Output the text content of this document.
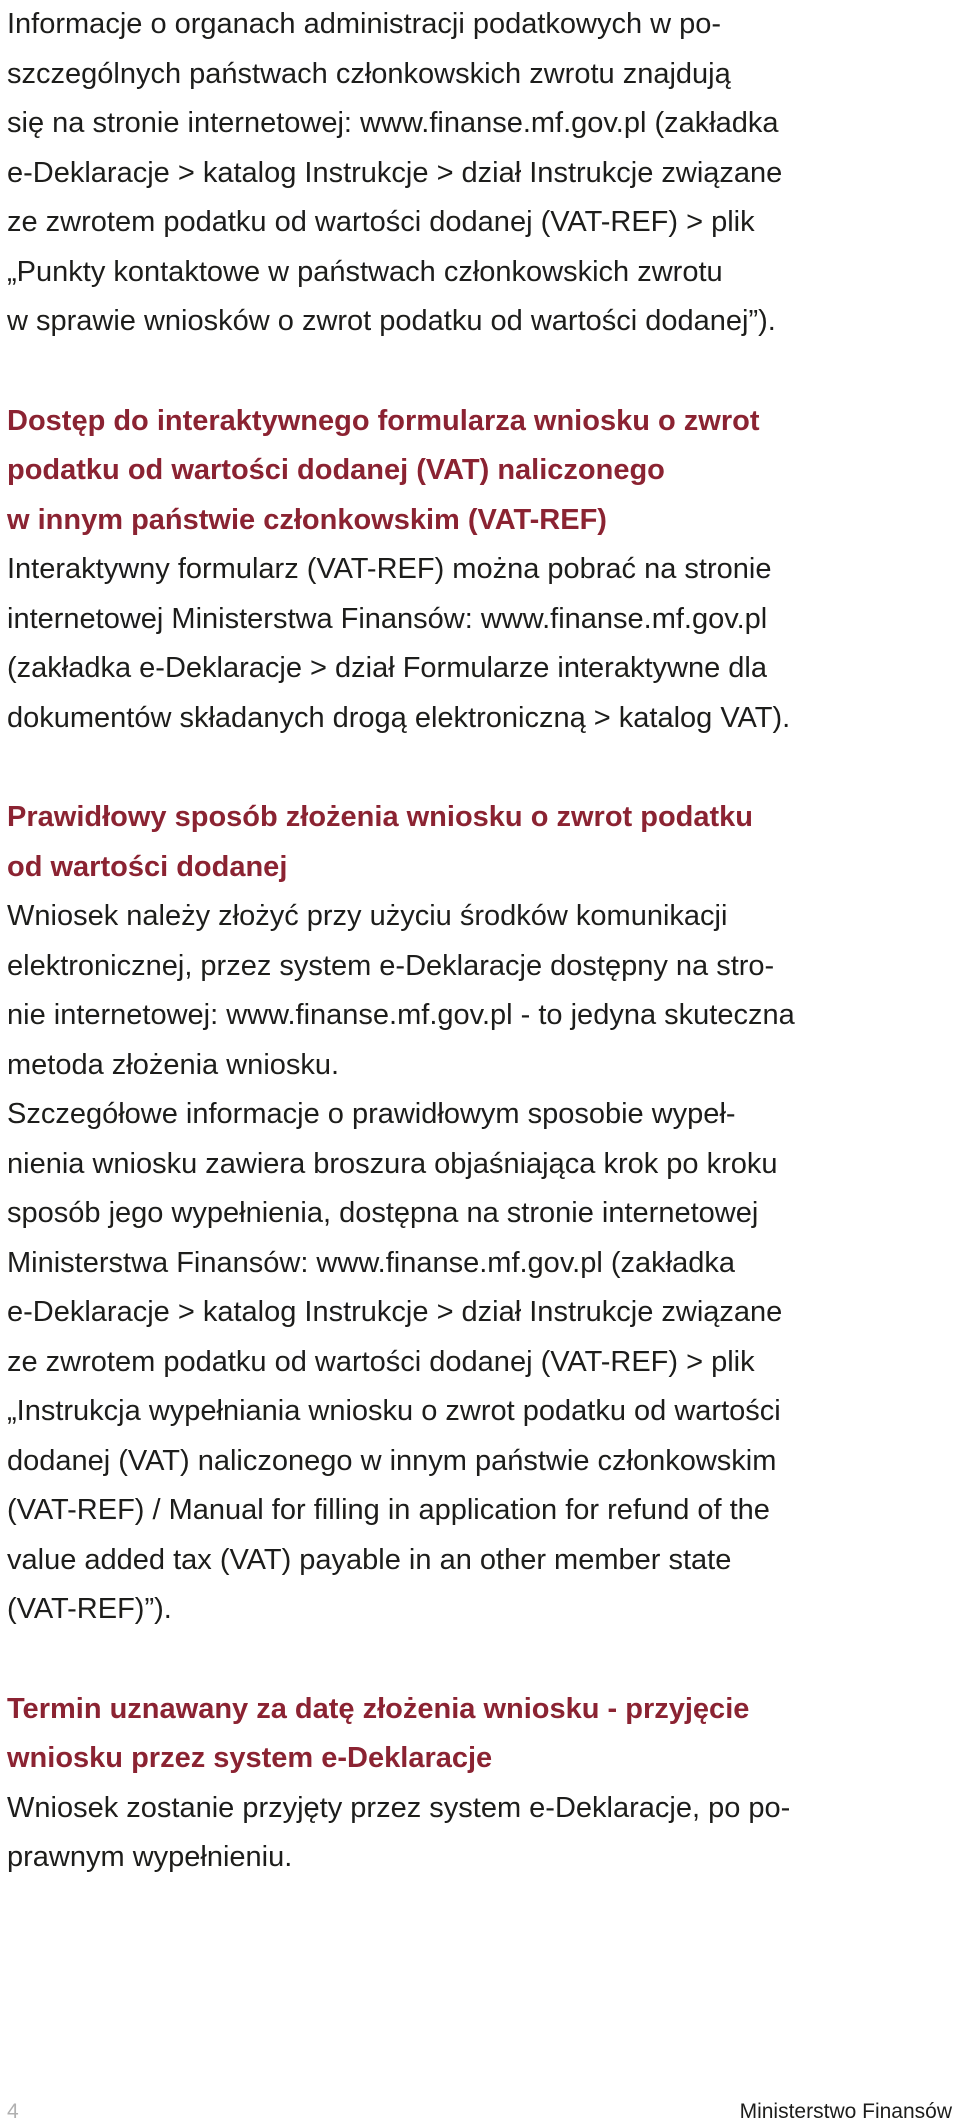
Informacje o organach administracji podatkowych w po-
szczególnych państwach członkowskich zwrotu znajdują
się na stronie internetowej: www.finanse.mf.gov.pl (zakładka
e-Deklaracje > katalog Instrukcje > dział Instrukcje związane
ze zwrotem podatku od wartości dodanej (VAT-REF) > plik
„Punkty kontaktowe w państwach członkowskich zwrotu
w sprawie wniosków o zwrot podatku od wartości dodanej”).
Dostęp do interaktywnego formularza wniosku o zwrot
podatku od wartości dodanej (VAT) naliczonego
w innym państwie członkowskim (VAT-REF)
Interaktywny formularz (VAT-REF) można pobrać na stronie
internetowej Ministerstwa Finansów: www.finanse.mf.gov.pl
(zakładka e-Deklaracje > dział Formularze interaktywne dla
dokumentów składanych drogą elektroniczną > katalog VAT).
Prawidłowy sposób złożenia wniosku o zwrot podatku
od wartości dodanej
Wniosek należy złożyć przy użyciu środków komunikacji
elektronicznej, przez system e-Deklaracje dostępny na stro-
nie internetowej: www.finanse.mf.gov.pl - to jedyna skuteczna
metoda złożenia wniosku.
Szczegółowe informacje o prawidłowym sposobie wypeł-
nienia wniosku zawiera broszura objaśniająca krok po kroku
sposób jego wypełnienia, dostępna na stronie internetowej
Ministerstwa Finansów: www.finanse.mf.gov.pl (zakładka
e-Deklaracje > katalog Instrukcje > dział Instrukcje związane
ze zwrotem podatku od wartości dodanej (VAT-REF) > plik
„Instrukcja wypełniania wniosku o zwrot podatku od wartości
dodanej (VAT) naliczonego w innym państwie członkowskim
(VAT-REF) / Manual for filling in application for refund of the
value added tax (VAT) payable in an other member state
(VAT-REF)”).
Termin uznawany za datę złożenia wniosku - przyjęcie
wniosku przez system e-Deklaracje
Wniosek zostanie przyjęty przez system e-Deklaracje, po po-
prawnym wypełnieniu.
4	Ministerstwo Finansów
